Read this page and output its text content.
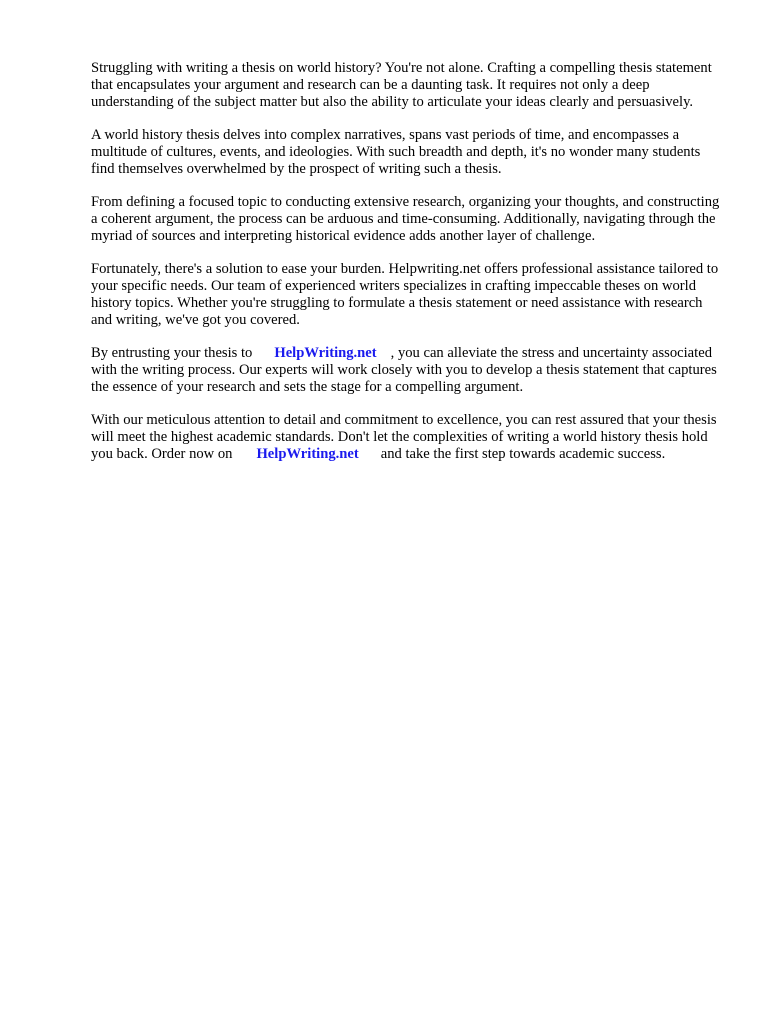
Struggling with writing a thesis on world history? You're not alone. Crafting a compelling thesis statement that encapsulates your argument and research can be a daunting task. It requires not only a deep understanding of the subject matter but also the ability to articulate your ideas clearly and persuasively.

A world history thesis delves into complex narratives, spans vast periods of time, and encompasses a multitude of cultures, events, and ideologies. With such breadth and depth, it's no wonder many students find themselves overwhelmed by the prospect of writing such a thesis.

From defining a focused topic to conducting extensive research, organizing your thoughts, and constructing a coherent argument, the process can be arduous and time-consuming. Additionally, navigating through the myriad of sources and interpreting historical evidence adds another layer of challenge.

Fortunately, there's a solution to ease your burden. Helpwriting.net offers professional assistance tailored to your specific needs. Our team of experienced writers specializes in crafting impeccable theses on world history topics. Whether you're struggling to formulate a thesis statement or need assistance with research and writing, we've got you covered.

By entrusting your thesis to HelpWriting.net , you can alleviate the stress and uncertainty associated with the writing process. Our experts will work closely with you to develop a thesis statement that captures the essence of your research and sets the stage for a compelling argument.

With our meticulous attention to detail and commitment to excellence, you can rest assured that your thesis will meet the highest academic standards. Don't let the complexities of writing a world history thesis hold you back. Order now on HelpWriting.net and take the first step towards academic success.
